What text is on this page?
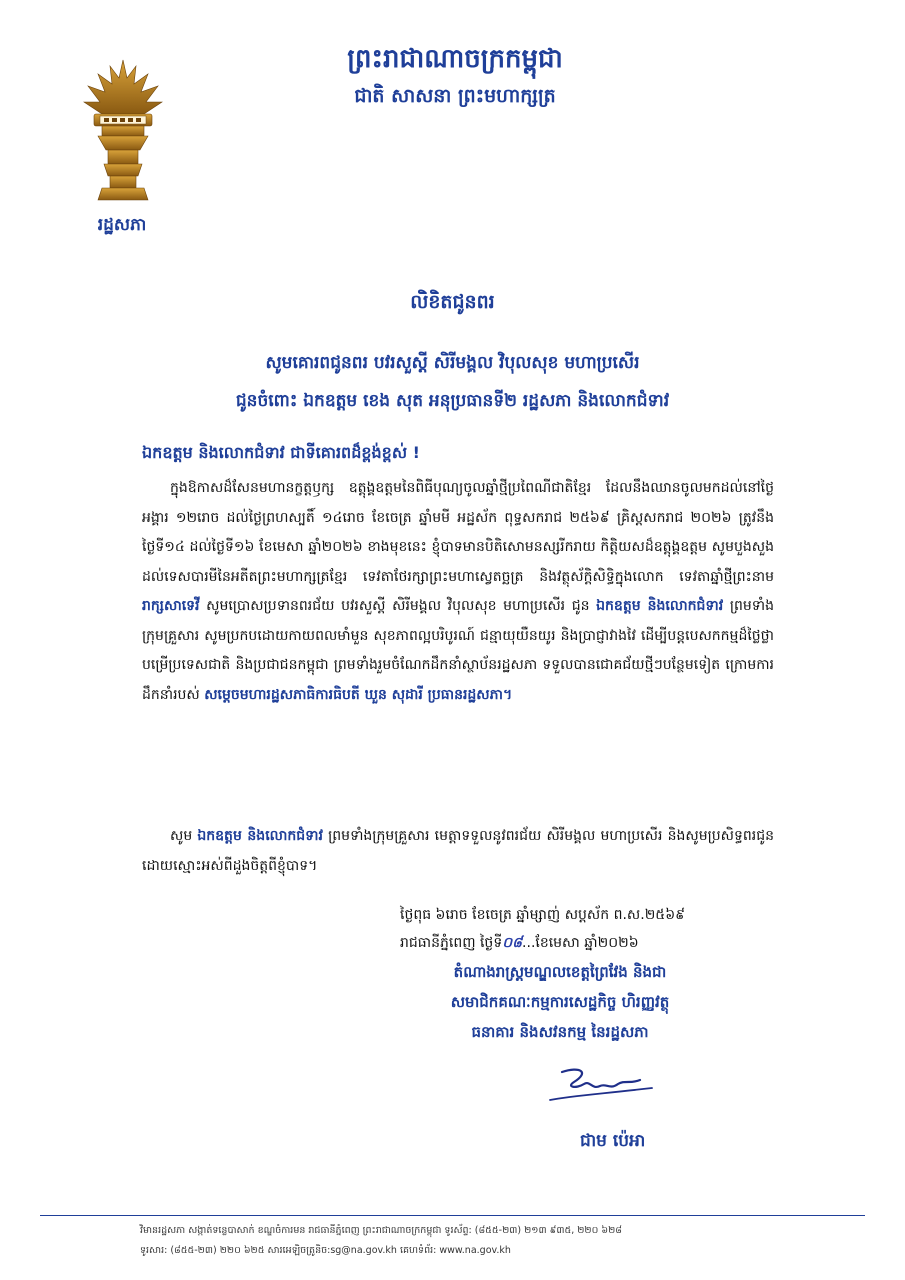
រដ្ឋសភា
ព្រះរាជាណាចក្រកម្ពុជា
ជាតិ សាសនា ព្រះមហាក្សត្រ
លិខិតជូនពរ
សូមគោរពជូនពរ បវរសួស្តី សិរីមង្គល វិបុលសុខ មហាប្រសើរ
ជូនចំពោះ ឯកឧត្តម ខេង សុត អនុប្រធានទី២ រដ្ឋសភា និងលោកជំទាវ
ឯកឧត្តម និងលោកជំទាវ ជាទីគោរពដ៏ខ្ពង់ខ្ពស់ !
ក្នុងឱកាសដ៏សែនមហានក្ខត្តឫក្ស ឧត្តុង្គឧត្តមនៃពិធីបុណ្យចូលឆ្នាំថ្មីប្រពៃណីជាតិខ្មែរ ដែលនឹងឈានចូលមកដល់នៅថ្ងៃអង្គារ ១២រោច ដល់ថ្ងៃព្រហស្បតិ៍ ១៤រោច ខែចេត្រ ឆ្នាំមមី អដ្ឋស័ក ពុទ្ធសករាជ ២៥៦៩ គ្រិស្តសករាជ ២០២៦ ត្រូវនឹងថ្ងៃទី១៤ ដល់ថ្ងៃទី១៦ ខែមេសា ឆ្នាំ២០២៦ ខាងមុខនេះ ខ្ញុំបាទមានបិតិសោមនស្សរីករាយ កិត្តិយសដ៏ឧត្តុង្គឧត្តម សូមបួងសួងដល់ទេសបារមីនៃអតីតព្រះមហាក្សត្រខ្មែរ ទេវតាថែរក្សាព្រះមហាស្វេតច្ឆត្រ និងវត្ថុស័ក្តិសិទ្ធិក្នុងលោក ទេវតាឆ្នាំថ្មីព្រះនាម រាក្សសាទេវី សូមប្រោសប្រទានពរជ័យ បវរសួស្តី សិរីមង្គល វិបុលសុខ មហាប្រសើរ ជូន ឯកឧត្តម និងលោកជំទាវ ព្រមទាំងក្រុមគ្រួសារ សូមប្រកបដោយកាយពលមាំមួន សុខភាពល្អបរិបូរណ៍ ជន្មាយុយឺនយូរ និងប្រាជ្ញាវាងវៃ ដើម្បីបន្តបេសកកម្មដ៏ថ្លៃថ្លា បម្រើប្រទេសជាតិ និងប្រជាជនកម្ពុជា ព្រមទាំងរួមចំណែកដឹកនាំស្ថាប័នរដ្ឋសភា ទទួលបានជោគជ័យថ្មីៗបន្ថែមទៀត ក្រោមការដឹកនាំរបស់ សម្តេចមហារដ្ឋសភាធិការធិបតី ឃួន សុដារី ប្រធានរដ្ឋសភា។
សូម ឯកឧត្តម និងលោកជំទាវ ព្រមទាំងក្រុមគ្រួសារ មេត្តាទទួលនូវពរជ័យ សិរីមង្គល មហាប្រសើរ និងសូមប្រសិទ្ធពរជូនដោយស្មោះអស់ពីដួងចិត្តពីខ្ញុំបាទ។
ថ្ងៃពុធ ៦រោច ខែចេត្រ ឆ្នាំម្សាញ់ សប្តស័ក ព.ស.២៥៦៩
រាជធានីភ្នំពេញ ថ្ងៃទី០៨...ខែមេសា ឆ្នាំ២០២៦
តំណាងរាស្ត្រមណ្ឌលខេត្តព្រៃវែង និងជា
សមាជិកគណៈកម្មការសេដ្ឋកិច្ច ហិរញ្ញវត្ថុ
ធនាគារ និងសវនកម្ម នៃរដ្ឋសភា
ជាម ប៉េអា
វិមានរដ្ឋសភា សង្កាត់ទន្លេបាសាក់ ខណ្ឌចំការមន រាជធានីភ្នំពេញ ព្រះរាជាណាចក្រកម្ពុជា ទូរស័ព្ទ: (៨៥៥-២៣) ២១៣ ៩៣៥, ២២០ ៦២៨
ទូរសារ: (៨៥៥-២៣) ២២០ ៦២៥ សារអេឡិចត្រូនិច:sg@na.gov.kh គេហទំព័រ: www.na.gov.kh
